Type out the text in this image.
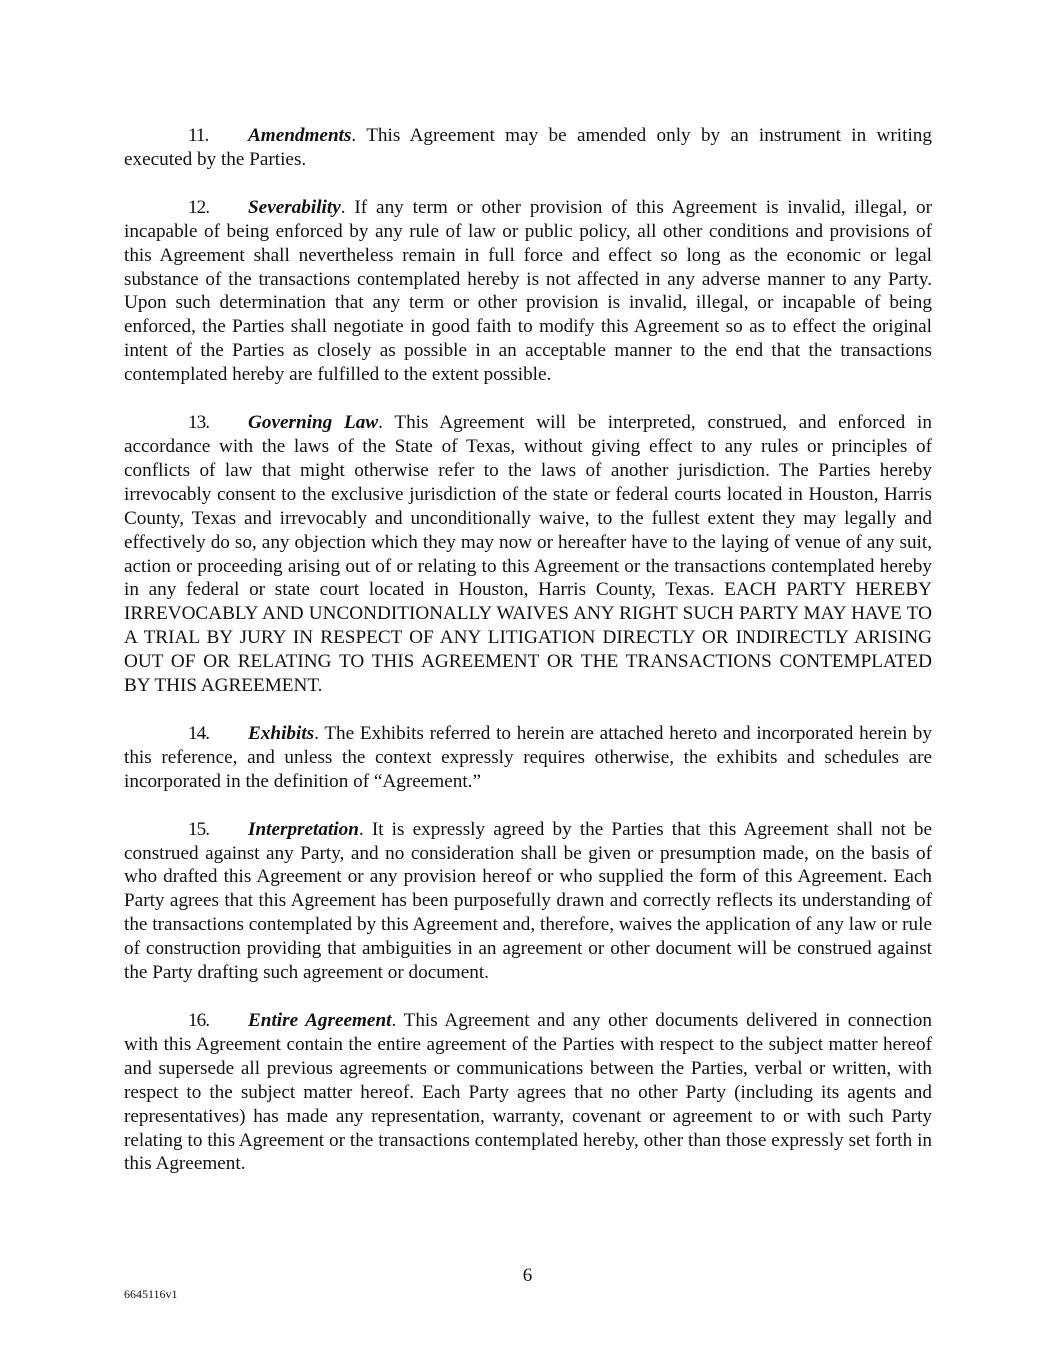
11. Amendments. This Agreement may be amended only by an instrument in writing executed by the Parties.

12. Severability. If any term or other provision of this Agreement is invalid, illegal, or incapable of being enforced by any rule of law or public policy, all other conditions and provisions of this Agreement shall nevertheless remain in full force and effect so long as the economic or legal substance of the transactions contemplated hereby is not affected in any adverse manner to any Party. Upon such determination that any term or other provision is invalid, illegal, or incapable of being enforced, the Parties shall negotiate in good faith to modify this Agreement so as to effect the original intent of the Parties as closely as possible in an acceptable manner to the end that the transactions contemplated hereby are fulfilled to the extent possible.

13. Governing Law. This Agreement will be interpreted, construed, and enforced in accordance with the laws of the State of Texas, without giving effect to any rules or principles of conflicts of law that might otherwise refer to the laws of another jurisdiction. The Parties hereby irrevocably consent to the exclusive jurisdiction of the state or federal courts located in Houston, Harris County, Texas and irrevocably and unconditionally waive, to the fullest extent they may legally and effectively do so, any objection which they may now or hereafter have to the laying of venue of any suit, action or proceeding arising out of or relating to this Agreement or the transactions contemplated hereby in any federal or state court located in Houston, Harris County, Texas. EACH PARTY HEREBY IRREVOCABLY AND UNCONDITIONALLY WAIVES ANY RIGHT SUCH PARTY MAY HAVE TO A TRIAL BY JURY IN RESPECT OF ANY LITIGATION DIRECTLY OR INDIRECTLY ARISING OUT OF OR RELATING TO THIS AGREEMENT OR THE TRANSACTIONS CONTEMPLATED BY THIS AGREEMENT.

14. Exhibits. The Exhibits referred to herein are attached hereto and incorporated herein by this reference, and unless the context expressly requires otherwise, the exhibits and schedules are incorporated in the definition of “Agreement.”

15. Interpretation. It is expressly agreed by the Parties that this Agreement shall not be construed against any Party, and no consideration shall be given or presumption made, on the basis of who drafted this Agreement or any provision hereof or who supplied the form of this Agreement. Each Party agrees that this Agreement has been purposefully drawn and correctly reflects its understanding of the transactions contemplated by this Agreement and, therefore, waives the application of any law or rule of construction providing that ambiguities in an agreement or other document will be construed against the Party drafting such agreement or document.

16. Entire Agreement. This Agreement and any other documents delivered in connection with this Agreement contain the entire agreement of the Parties with respect to the subject matter hereof and supersede all previous agreements or communications between the Parties, verbal or written, with respect to the subject matter hereof. Each Party agrees that no other Party (including its agents and representatives) has made any representation, warranty, covenant or agreement to or with such Party relating to this Agreement or the transactions contemplated hereby, other than those expressly set forth in this Agreement.

6
6645116v1
